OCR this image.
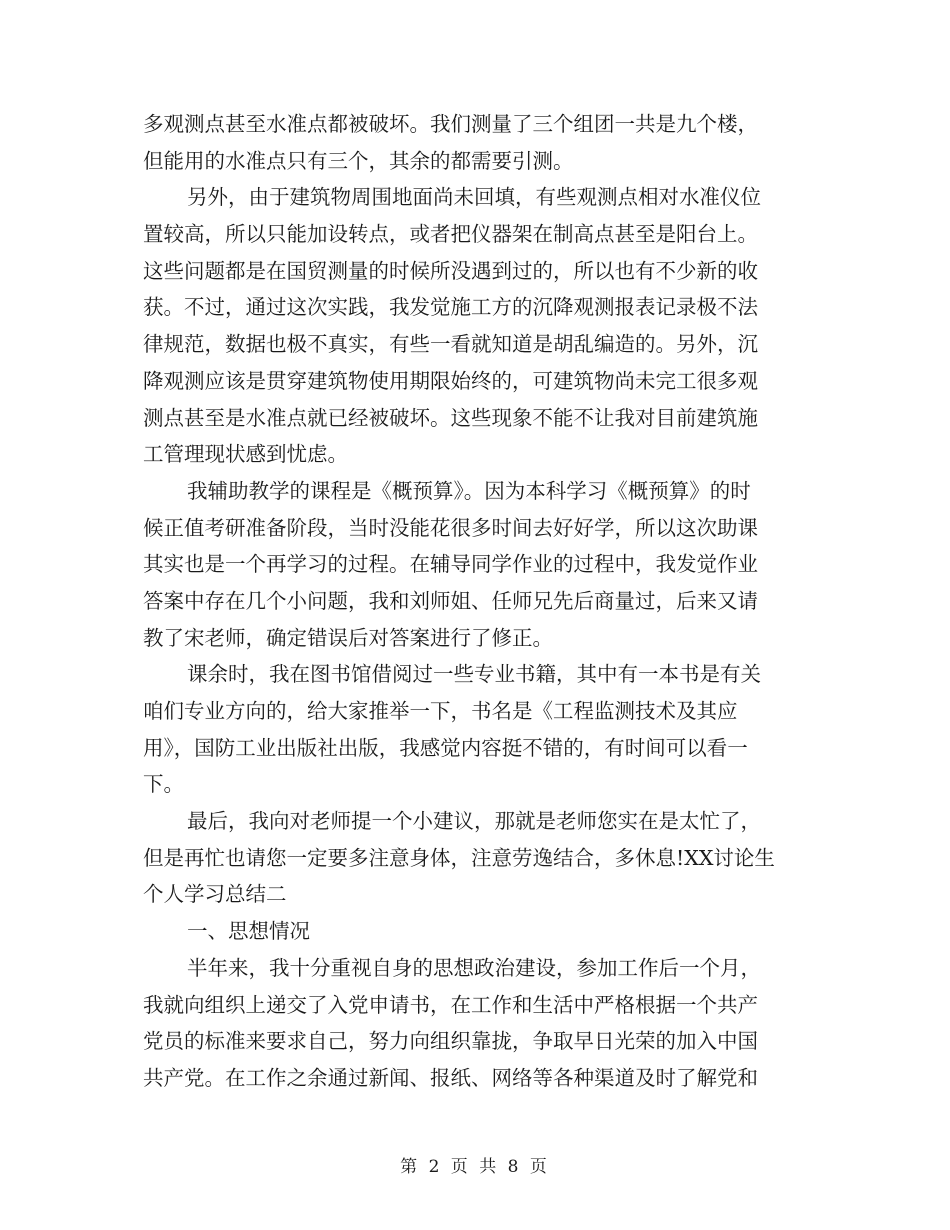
多观测点甚至水准点都被破坏。我们测量了三个组团一共是九个楼，
但能用的水准点只有三个，其余的都需要引测。
另外，由于建筑物周围地面尚未回填，有些观测点相对水准仪位
置较高，所以只能加设转点，或者把仪器架在制高点甚至是阳台上。
这些问题都是在国贸测量的时候所没遇到过的，所以也有不少新的收
获。不过，通过这次实践，我发觉施工方的沉降观测报表记录极不法
律规范，数据也极不真实，有些一看就知道是胡乱编造的。另外，沉
降观测应该是贯穿建筑物使用期限始终的，可建筑物尚未完工很多观
测点甚至是水准点就已经被破坏。这些现象不能不让我对目前建筑施
工管理现状感到忧虑。
我辅助教学的课程是《概预算》。因为本科学习《概预算》的时
候正值考研准备阶段，当时没能花很多时间去好好学，所以这次助课
其实也是一个再学习的过程。在辅导同学作业的过程中，我发觉作业
答案中存在几个小问题，我和刘师姐、任师兄先后商量过，后来又请
教了宋老师，确定错误后对答案进行了修正。
课余时，我在图书馆借阅过一些专业书籍，其中有一本书是有关
咱们专业方向的，给大家推举一下，书名是《工程监测技术及其应
用》，国防工业出版社出版，我感觉内容挺不错的，有时间可以看一
下。
最后，我向对老师提一个小建议，那就是老师您实在是太忙了，
但是再忙也请您一定要多注意身体，注意劳逸结合，多休息!XX讨论生
个人学习总结二
一、思想情况
半年来，我十分重视自身的思想政治建设，参加工作后一个月，
我就向组织上递交了入党申请书，在工作和生活中严格根据一个共产
党员的标准来要求自己，努力向组织靠拢，争取早日光荣的加入中国
共产党。在工作之余通过新闻、报纸、网络等各种渠道及时了解党和
第 2 页 共 8 页
